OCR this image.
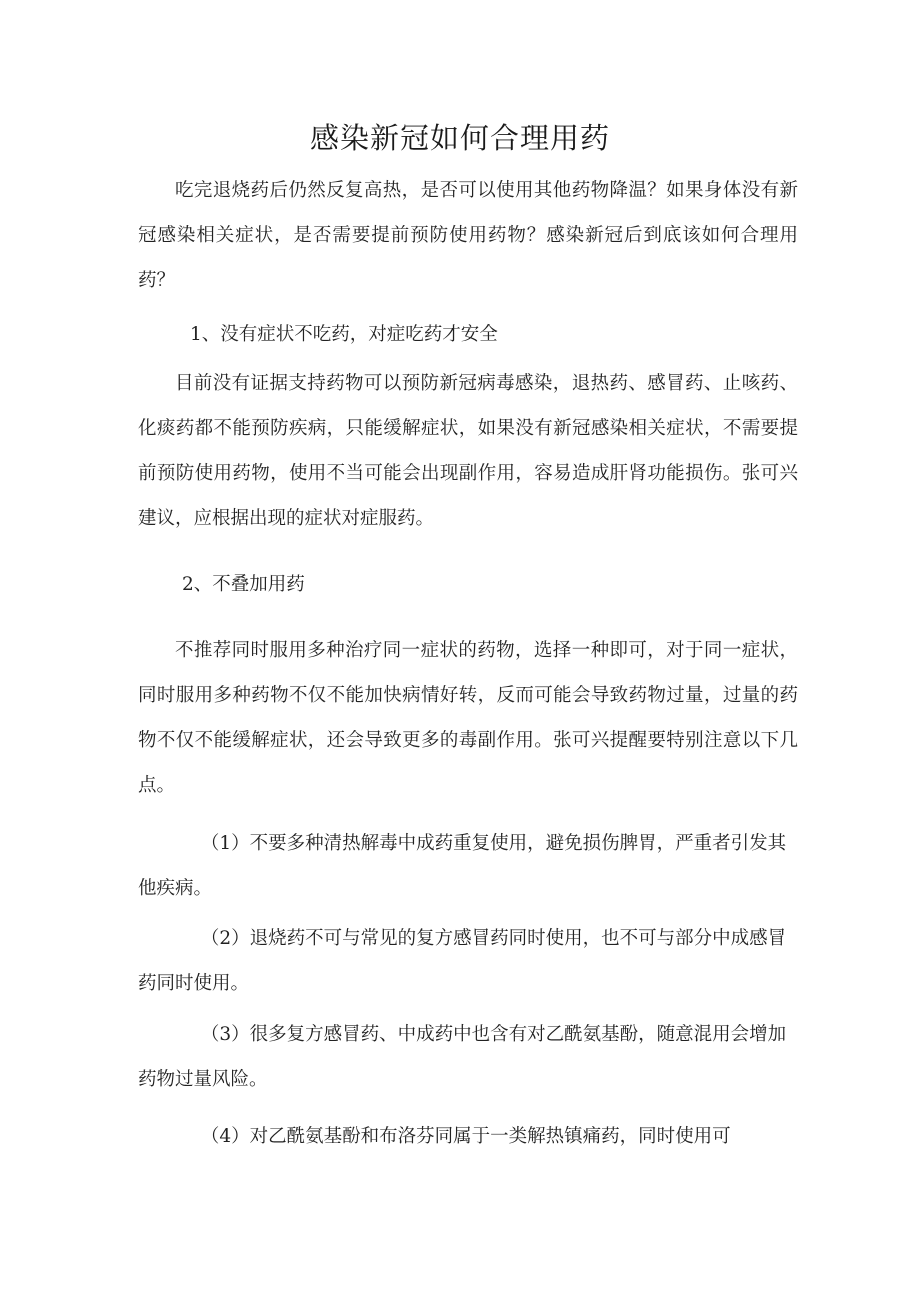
感染新冠如何合理用药

吃完退烧药后仍然反复高热，是否可以使用其他药物降温？如果身体没有新冠感染相关症状，是否需要提前预防使用药物？感染新冠后到底该如何合理用药？

1、没有症状不吃药，对症吃药才安全

目前没有证据支持药物可以预防新冠病毒感染，退热药、感冒药、止咳药、化痰药都不能预防疾病，只能缓解症状，如果没有新冠感染相关症状，不需要提前预防使用药物，使用不当可能会出现副作用，容易造成肝肾功能损伤。张可兴建议，应根据出现的症状对症服药。

2、不叠加用药

不推荐同时服用多种治疗同一症状的药物，选择一种即可，对于同一症状，同时服用多种药物不仅不能加快病情好转，反而可能会导致药物过量，过量的药物不仅不能缓解症状，还会导致更多的毒副作用。张可兴提醒要特别注意以下几点。

（1）不要多种清热解毒中成药重复使用，避免损伤脾胃，严重者引发其他疾病。

（2）退烧药不可与常见的复方感冒药同时使用，也不可与部分中成感冒药同时使用。

（3）很多复方感冒药、中成药中也含有对乙酰氨基酚，随意混用会增加药物过量风险。

（4）对乙酰氨基酚和布洛芬同属于一类解热镇痛药，同时使用可
